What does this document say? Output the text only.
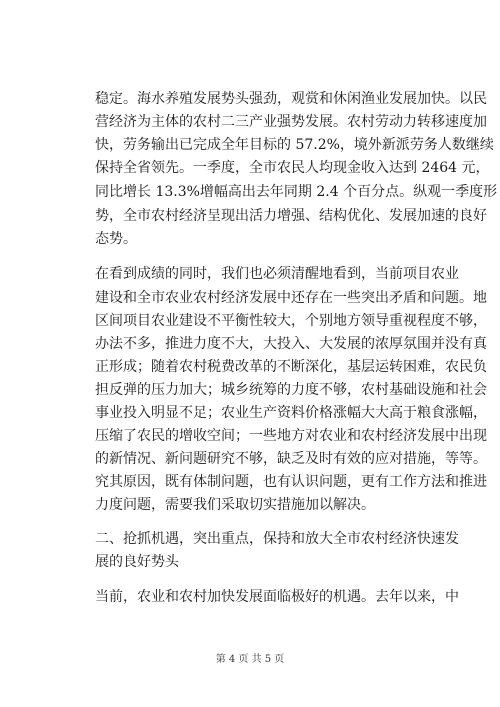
稳定。海水养殖发展势头强劲，观赏和休闲渔业发展加快。以民
营经济为主体的农村二三产业强势发展。农村劳动力转移速度加
快，劳务输出已完成全年目标的 57.2%，境外新派劳务人数继续
保持全省领先。一季度，全市农民人均现金收入达到 2464 元，
同比增长 13.3%增幅高出去年同期 2.4 个百分点。纵观一季度形
势，全市农村经济呈现出活力增强、结构优化、发展加速的良好
态势。
在看到成绩的同时，我们也必须清醒地看到，当前项目农业
建设和全市农业农村经济发展中还存在一些突出矛盾和问题。地
区间项目农业建设不平衡性较大，个别地方领导重视程度不够，
办法不多，推进力度不大，大投入、大发展的浓厚氛围并没有真
正形成；随着农村税费改革的不断深化，基层运转困难，农民负
担反弹的压力加大；城乡统筹的力度不够，农村基础设施和社会
事业投入明显不足；农业生产资料价格涨幅大大高于粮食涨幅，
压缩了农民的增收空间；一些地方对农业和农村经济发展中出现
的新情况、新问题研究不够，缺乏及时有效的应对措施，等等。
究其原因，既有体制问题，也有认识问题，更有工作方法和推进
力度问题，需要我们采取切实措施加以解决。
二、抢抓机遇，突出重点，保持和放大全市农村经济快速发
展的良好势头
当前，农业和农村加快发展面临极好的机遇。去年以来，中
第 4 页 共 5 页
